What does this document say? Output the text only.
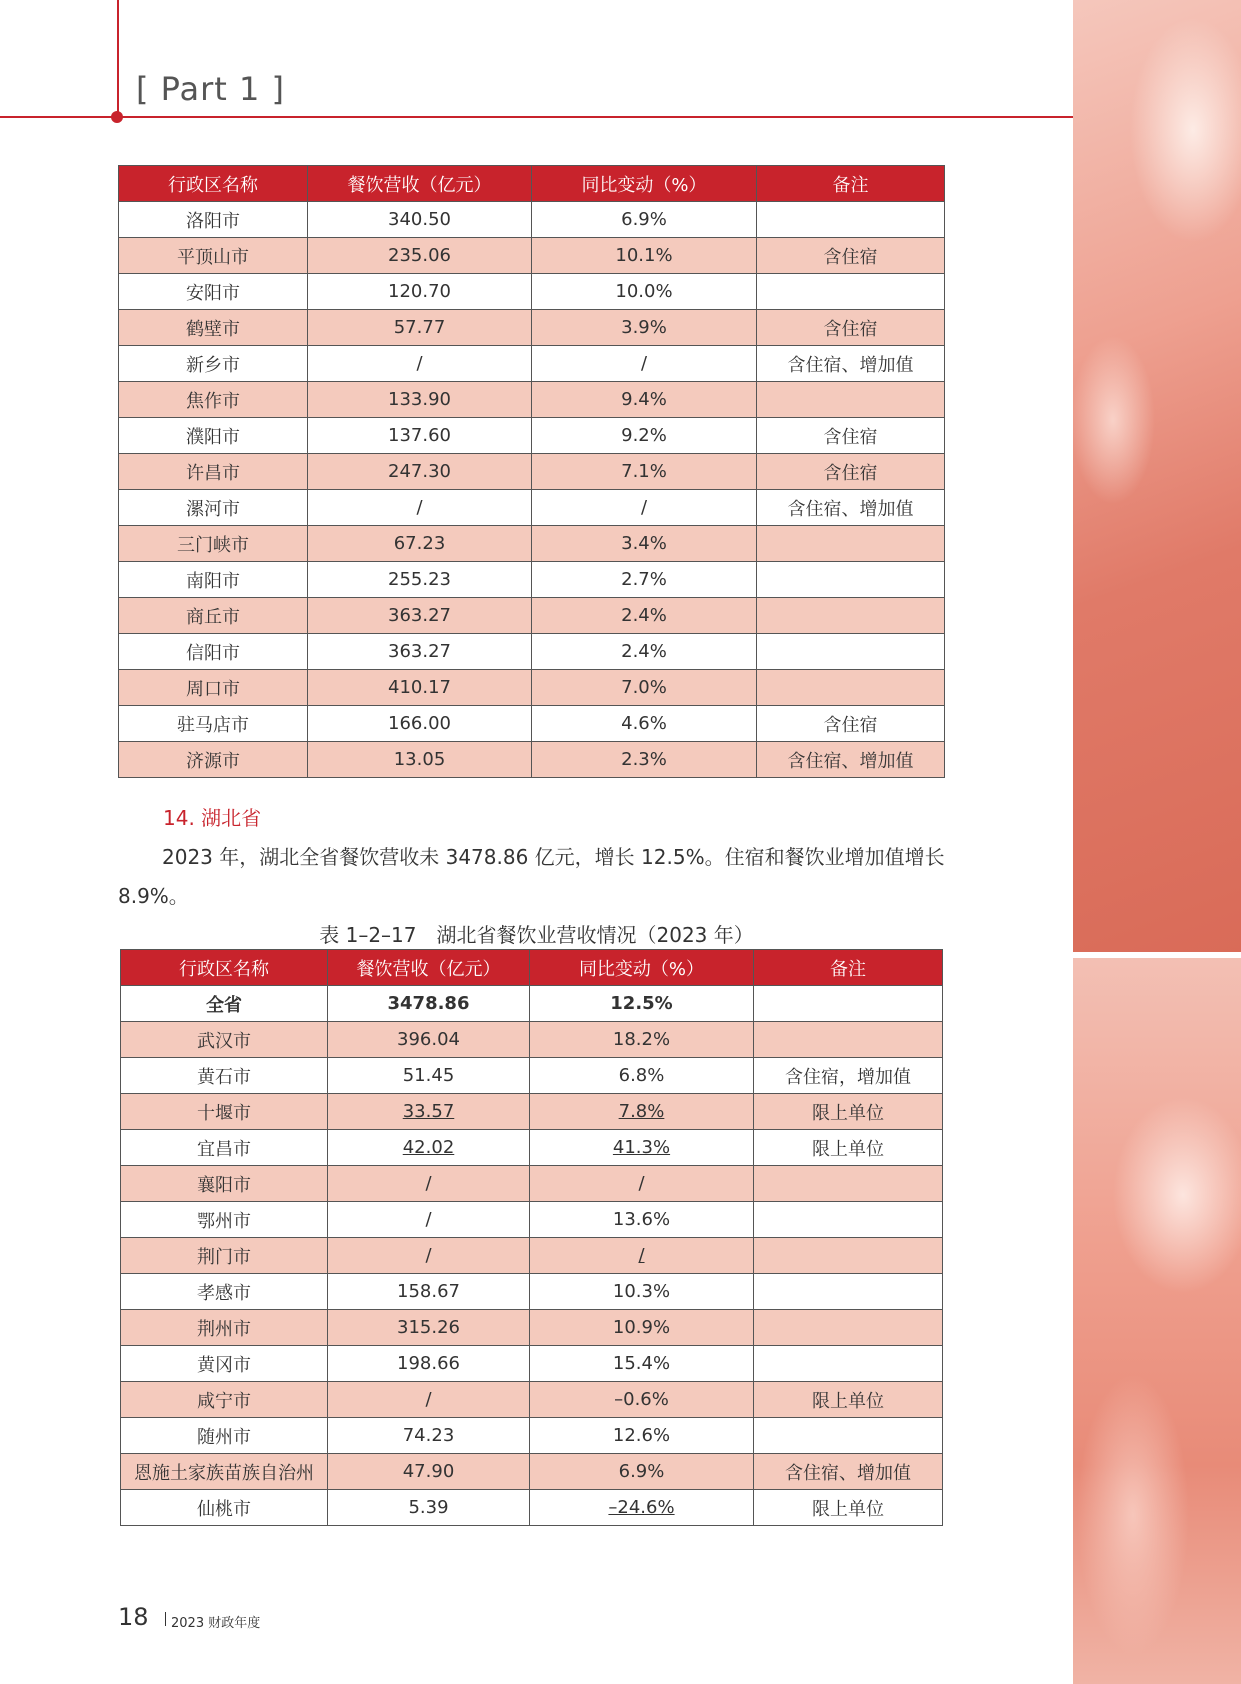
[ Part 1 ]
行政区名称	餐饮营收（亿元）	同比变动（%）	备注
洛阳市	340.50	6.9%	
平顶山市	235.06	10.1%	含住宿
安阳市	120.70	10.0%	
鹤壁市	57.77	3.9%	含住宿
新乡市	/	/	含住宿、增加值
焦作市	133.90	9.4%	
濮阳市	137.60	9.2%	含住宿
许昌市	247.30	7.1%	含住宿
漯河市	/	/	含住宿、增加值
三门峡市	67.23	3.4%	
南阳市	255.23	2.7%	
商丘市	363.27	2.4%	
信阳市	363.27	2.4%	
周口市	410.17	7.0%	
驻马店市	166.00	4.6%	含住宿
济源市	13.05	2.3%	含住宿、增加值
14. 湖北省
2023 年，湖北全省餐饮营收未 3478.86 亿元，增长 12.5%。住宿和餐饮业增加值增长 8.9%。
表 1–2–17　湖北省餐饮业营收情况（2023 年）
行政区名称	餐饮营收（亿元）	同比变动（%）	备注
全省	3478.86	12.5%	
武汉市	396.04	18.2%	
黄石市	51.45	6.8%	含住宿，增加值
十堰市	33.57	7.8%	限上单位
宜昌市	42.02	41.3%	限上单位
襄阳市	/	/	
鄂州市	/	13.6%	
荆门市	/	/	
孝感市	158.67	10.3%	
荆州市	315.26	10.9%	
黄冈市	198.66	15.4%	
咸宁市	/	–0.6%	限上单位
随州市	74.23	12.6%	
恩施土家族苗族自治州	47.90	6.9%	含住宿、增加值
仙桃市	5.39	–24.6%	限上单位
18 2023 财政年度
